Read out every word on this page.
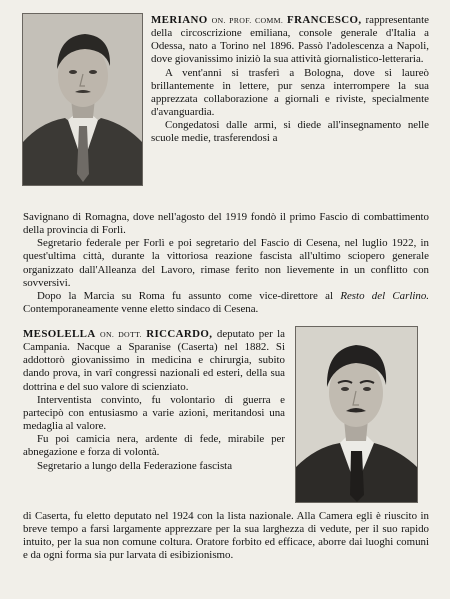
MERIANO ON. PROF. COMM. FRANCESCO, rappresentante della circoscrizione emiliana, console generale d'Italia a Odessa, nato a Torino nel 1896. Passò l'adolescenza a Napoli, dove giovanissimo iniziò la sua attività giornalistico-letteraria.

A vent'anni si trasferì a Bologna, dove si laureò brillantemente in lettere, pur senza interrompere la sua apprezzata collaborazione a giornali e riviste, specialmente d'avanguardia.

Congedatosi dalle armi, si diede all'insegnamento nelle scuole medie, trasferendosi a

Savignano di Romagna, dove nell'agosto del 1919 fondò il primo Fascio di combattimento della provincia di Forlì.

Segretario federale per Forlì e poi segretario del Fascio di Cesena, nel luglio 1922, in quest'ultima città, durante la vittoriosa reazione fascista all'ultimo sciopero generale organizzato dall'Alleanza del Lavoro, rimase ferito non lievemente in un conflitto con sovversivi.

Dopo la Marcia su Roma fu assunto come vice-direttore al Resto del Carlino. Contemporaneamente venne eletto sindaco di Cesena.

MESOLELLA ON. DOTT. RICCARDO, deputato per la Campania. Nacque a Sparanise (Caserta) nel 1882. Si addottorò giovanissimo in medicina e chirurgia, subito dando prova, in varî congressi nazionali ed esteri, della sua dottrina e del suo valore di scienziato.

Interventista convinto, fu volontario di guerra e partecipò con entusiasmo a varie azioni, meritandosi una medaglia al valore.

Fu poi camicia nera, ardente di fede, mirabile per abnegazione e forza di volontà.

Segretario a lungo della Federazione fascista

di Caserta, fu eletto deputato nel 1924 con la lista nazionale. Alla Camera egli è riuscito in breve tempo a farsi largamente apprezzare per la sua larghezza di vedute, per il suo rapido intuito, per la sua non comune coltura. Oratore forbito ed efficace, aborre dai luoghi comuni e da ogni forma sia pur larvata di esibizionismo.
